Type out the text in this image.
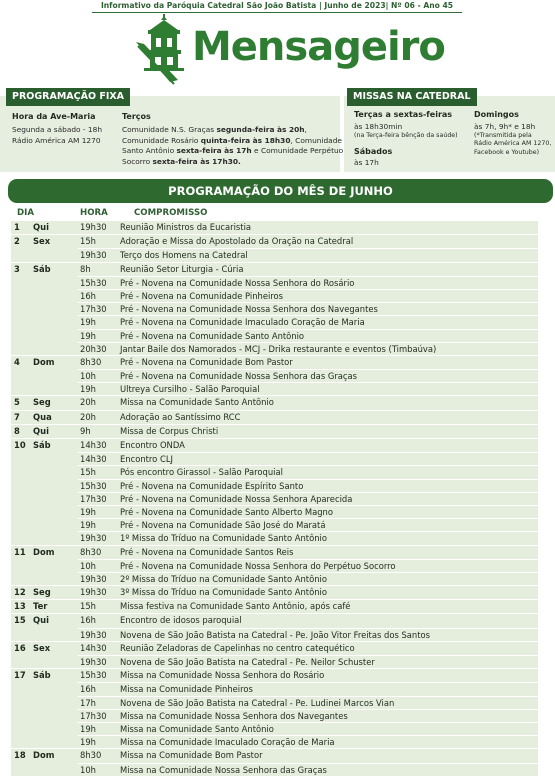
Informativo da Paróquia Catedral São João Batista | Junho de 2023| Nº 06 - Ano 45
Mensageiro
PROGRAMAÇÃO FIXA
Hora da Ave-Maria
Segunda a sábado - 18h
Rádio América AM 1270
Terços
Comunidade N.S. Graças segunda-feira às 20h,
Comunidade Rosário quinta-feira às 18h30, Comunidade
Santo Antônio sexta-feira às 17h e Comunidade Perpétuo
Socorro sexta-feira às 17h30.
MISSAS NA CATEDRAL
Terças a sextas-feiras
às 18h30min
(na Terça-feira bênção da saúde)
Sábados
às 17h
Domingos
às 7h, 9h* e 18h
(*Transmitida pela
Rádio América AM 1270,
Facebook e Youtube)
PROGRAMAÇÃO DO MÊS DE JUNHO
DIA	HORA	COMPROMISSO
1 Qui	19h30	Reunião Ministros da Eucaristia
2 Sex	15h	Adoração e Missa do Apostolado da Oração na Catedral
19h30	Terço dos Homens na Catedral
3 Sáb	8h	Reunião Setor Liturgia - Cúria
15h30	Pré - Novena na Comunidade Nossa Senhora do Rosário
16h	Pré - Novena na Comunidade Pinheiros
17h30	Pré - Novena na Comunidade Nossa Senhora dos Navegantes
19h	Pré - Novena na Comunidade Imaculado Coração de Maria
19h	Pré - Novena na Comunidade Santo Antônio
20h30	Jantar Baile dos Namorados - MCJ - Drika restaurante e eventos (Timbaúva)
4 Dom	8h30	Pré - Novena na Comunidade Bom Pastor
10h	Pré - Novena na Comunidade Nossa Senhora das Graças
19h	Ultreya Cursilho - Salão Paroquial
5 Seg	20h	Missa na Comunidade Santo Antônio
7 Qua	20h	Adoração ao Santíssimo RCC
8 Qui	9h	Missa de Corpus Christi
10 Sáb	14h30	Encontro ONDA
14h30	Encontro CLJ
15h	Pós encontro Girassol - Salão Paroquial
15h30	Pré - Novena na Comunidade Espírito Santo
17h30	Pré - Novena na Comunidade Nossa Senhora Aparecida
19h	Pré - Novena na Comunidade Santo Alberto Magno
19h	Pré - Novena na Comunidade São José do Maratá
19h30	1º Missa do Tríduo na Comunidade Santo Antônio
11 Dom	8h30	Pré - Novena na Comunidade Santos Reis
10h	Pré - Novena na Comunidade Nossa Senhora do Perpétuo Socorro
19h30	2º Missa do Tríduo na Comunidade Santo Antônio
12 Seg	19h30	3º Missa do Tríduo na Comunidade Santo Antônio
13 Ter	15h	Missa festiva na Comunidade Santo Antônio, após café
15 Qui	16h	Encontro de idosos paroquial
19h30	Novena de São João Batista na Catedral - Pe. João Vitor Freitas dos Santos
16 Sex	14h30	Reunião Zeladoras de Capelinhas no centro catequético
19h30	Novena de São João Batista na Catedral - Pe. Neilor Schuster
17 Sáb	15h30	Missa na Comunidade Nossa Senhora do Rosário
16h	Missa na Comunidade Pinheiros
17h	Novena de São João Batista na Catedral - Pe. Ludinei Marcos Vian
17h30	Missa na Comunidade Nossa Senhora dos Navegantes
19h	Missa na Comunidade Santo Antônio
19h	Missa na Comunidade Imaculado Coração de Maria
18 Dom	8h30	Missa na Comunidade Bom Pastor
10h	Missa na Comunidade Nossa Senhora das Graças
